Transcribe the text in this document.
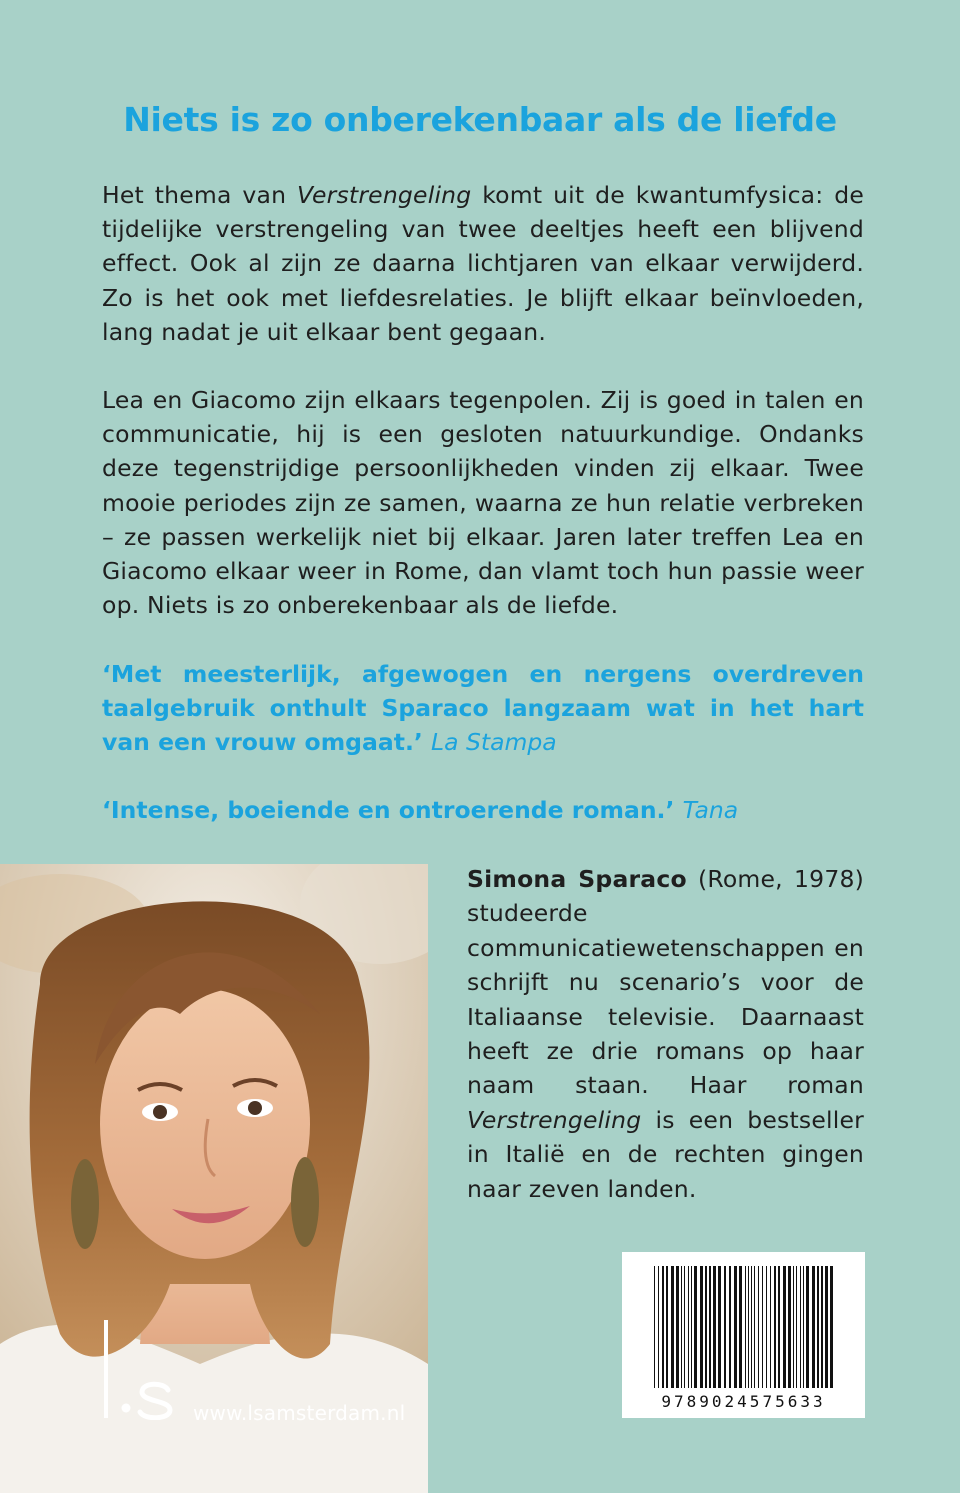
Niets is zo onberekenbaar als de liefde

Het thema van Verstrengeling komt uit de kwantumfysica: de tijdelijke verstrengeling van twee deeltjes heeft een blijvend effect. Ook al zijn ze daarna lichtjaren van elkaar verwijderd. Zo is het ook met liefdesrelaties. Je blijft elkaar beïnvloeden, lang nadat je uit elkaar bent gegaan.

Lea en Giacomo zijn elkaars tegenpolen. Zij is goed in talen en communicatie, hij is een gesloten natuurkundige. Ondanks deze tegenstrijdige persoonlijkheden vinden zij elkaar. Twee mooie periodes zijn ze samen, waarna ze hun relatie verbreken – ze passen werkelijk niet bij elkaar. Jaren later treffen Lea en Giacomo elkaar weer in Rome, dan vlamt toch hun passie weer op. Niets is zo onberekenbaar als de liefde.

‘Met meesterlijk, afgewogen en nergens overdreven taalgebruik onthult Sparaco langzaam wat in het hart van een vrouw omgaat.’ La Stampa

‘Intense, boeiende en ontroerende roman.’ Tana

Simona Sparaco (Rome, 1978) studeerde communicatiewetenschappen en schrijft nu scenario’s voor de Italiaanse televisie. Daarnaast heeft ze drie romans op haar naam staan. Haar roman Verstrengeling is een bestseller in Italië en de rechten gingen naar zeven landen.

www.lsamsterdam.nl	9789024575633
